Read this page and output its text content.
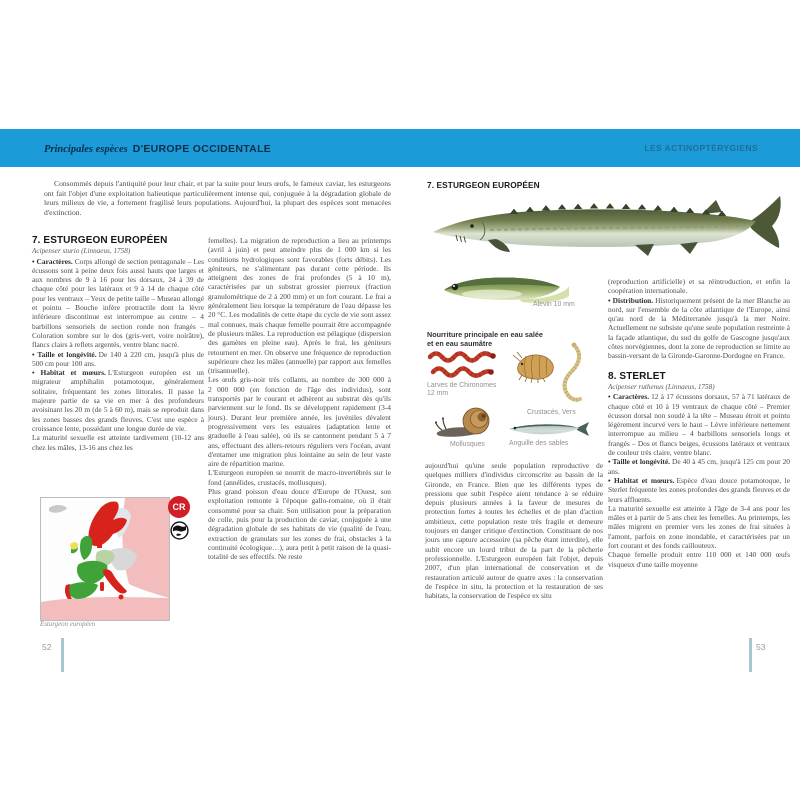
Principales espèces D'EUROPE OCCIDENTALE	LES ACTINOPTÉRYGIENS

Consommés depuis l'antiquité pour leur chair, et par la suite pour leurs œufs, le fameux caviar, les esturgeons ont fait l'objet d'une exploitation halieutique particulièrement intense qui, conjuguée à la dégradation globale de leurs milieux de vie, a fortement fragilisé leurs populations. Aujourd'hui, la plupart des espèces sont menacées d'extinction.

7. ESTURGEON EUROPÉEN

Acipenser sturio (Linnaeus, 1758)

• Caractères. Corps allongé de section pentagonale – Les écussons sont à peine deux fois aussi hauts que larges et aux nombres de 9 à 16 pour les dorsaux, 24 à 39 de chaque côté pour les latéraux et 9 à 14 de chaque côté pour les ventraux – Yeux de petite taille – Museau allongé et pointu – Bouche infère protractile dont la lèvre inférieure discontinue est interrompue au centre – 4 barbillons sensoriels de section ronde non frangés – Coloration sombre sur le dos (gris-vert, voire noirâtre), flancs clairs à reflets argentés, ventre blanc nacré.

• Taille et longévité. De 140 à 220 cm, jusqu'à plus de 500 cm pour 100 ans.

• Habitat et mœurs. L'Esturgeon européen est un migrateur amphihalin potamotoque, généralement solitaire, fréquentant les zones littorales. Il passe la majeure partie de sa vie en mer à des profondeurs avoisinant les 20 m (de 5 à 60 m), mais se reproduit dans les zones basses des grands fleuves. C'est une espèce à croissance lente, possédant une longue durée de vie.

La maturité sexuelle est atteinte tardivement (10-12 ans chez les mâles, 13-16 ans chez les

femelles). La migration de reproduction a lieu au printemps (avril à juin) et peut atteindre plus de 1 000 km si les conditions hydrologiques sont favorables (forts débits). Les géniteurs, ne s'alimentant pas durant cette période. Ils atteignent des zones de frai profondes (5 à 10 m), caractérisées par un substrat grossier pierreux (fraction granulométrique de 2 à 200 mm) et un fort courant. Le frai a généralement lieu lorsque la température de l'eau dépasse les 20 °C. Les modalités de cette étape du cycle de vie sont assez mal connues, mais chaque femelle pourrait être accompagnée de plusieurs mâles. La reproduction est pélagique (dispersion des gamètes en pleine eau). Après le frai, les géniteurs retournent en mer. On observe une fréquence de reproduction supérieure chez les mâles (annuelle) par rapport aux femelles (trisannuelle).

Les œufs gris-noir très collants, au nombre de 300 000 à 2 000 000 (en fonction de l'âge des individus), sont transportés par le courant et adhèrent au substrat dès qu'ils parviennent sur le fond. Ils se développent rapidement (3-4 jours). Durant leur première année, les juvéniles dévalent progressivement vers les estuaires (adaptation lente et graduelle à l'eau salée), où ils se cantonnent pendant 5 à 7 ans, effectuant des allers-retours réguliers vers l'océan, avant d'entamer une migration plus lointaine au sein de leur vaste aire de répartition marine.

L'Esturgeon européen se nourrit de macro-invertébrés sur le fond (annélides, crustacés, mollusques).

Plus grand poisson d'eau douce d'Europe de l'Ouest, son exploitation remonte à l'époque gallo-romaine, où il était consommé pour sa chair. Son utilisation pour la préparation de colle, puis pour la production de caviar, conjuguée à une dégradation globale de ses habitats de vie (qualité de l'eau, extraction de granulats sur les zones de frai, obstacles à la continuité écologique…), aura petit à petit raison de la quasi-totalité de ses effectifs. Ne reste

CR
Esturgeon européen
52
7. ESTURGEON EUROPÉEN
Alevin 10 mm
Nourriture principale en eau salée
et en eau saumâtre
Larves de Chironomes
12 mm
Crustacés, Vers
Mollusques	Anguille des sables

aujourd'hui qu'une seule population reproductive de quelques milliers d'individus circonscrite au bassin de la Gironde, en France. Bien que les différents types de pressions que subit l'espèce aient tendance à se réduire depuis plusieurs années à la faveur de mesures de protection fortes à toutes les échelles et de plan d'action ambitieux, cette population reste très fragile et demeure toujours en danger critique d'extinction. Constituant de nos jours une capture accessoire (sa pêche étant interdite), elle subit encore un lourd tribut de la part de la pêcherie professionnelle. L'Esturgeon européen fait l'objet, depuis 2007, d'un plan international de conservation et de restauration articulé autour de quatre axes : la conservation de l'espèce in situ, la protection et la restauration de ses habitats, la conservation de l'espèce ex situ

(reproduction artificielle) et sa réintroduction, et enfin la coopération internationale.

• Distribution. Historiquement présent de la mer Blanche au nord, sur l'ensemble de la côte atlantique de l'Europe, ainsi qu'au nord de la Méditerranée jusqu'à la mer Noire. Actuellement ne subsiste qu'une seule population restreinte à la façade atlantique, du sud du golfe de Gascogne jusqu'aux côtes norvégiennes, dont la zone de reproduction se limite au bassin-versant de la Gironde-Garonne-Dordogne en France.

8. STERLET

Acipenser ruthenus (Linnaeus, 1758)

• Caractères. 12 à 17 écussons dorsaux, 57 à 71 latéraux de chaque côté et 10 à 19 ventraux de chaque côté – Premier écusson dorsal non soudé à la tête – Museau étroit et pointu légèrement incurvé vers le haut – Lèvre inférieure nettement interrompue au milieu – 4 barbillons sensoriels longs et frangés – Dos et flancs beiges, écussons latéraux et ventraux de couleur très claire, ventre blanc.

• Taille et longévité. De 40 à 45 cm, jusqu'à 125 cm pour 20 ans.

• Habitat et mœurs. Espèce d'eau douce potamotoque, le Sterlet fréquente les zones profondes des grands fleuves et de leurs affluents.

La maturité sexuelle est atteinte à l'âge de 3-4 ans pour les mâles et à partir de 5 ans chez les femelles. Au printemps, les mâles migrent en premier vers les zones de frai situées à l'amont, parfois en zone inondable, et caractérisées par un fort courant et des fonds caillouteux.

Chaque femelle produit entre 110 000 et 140 000 œufs visqueux d'une taille moyenne

53
